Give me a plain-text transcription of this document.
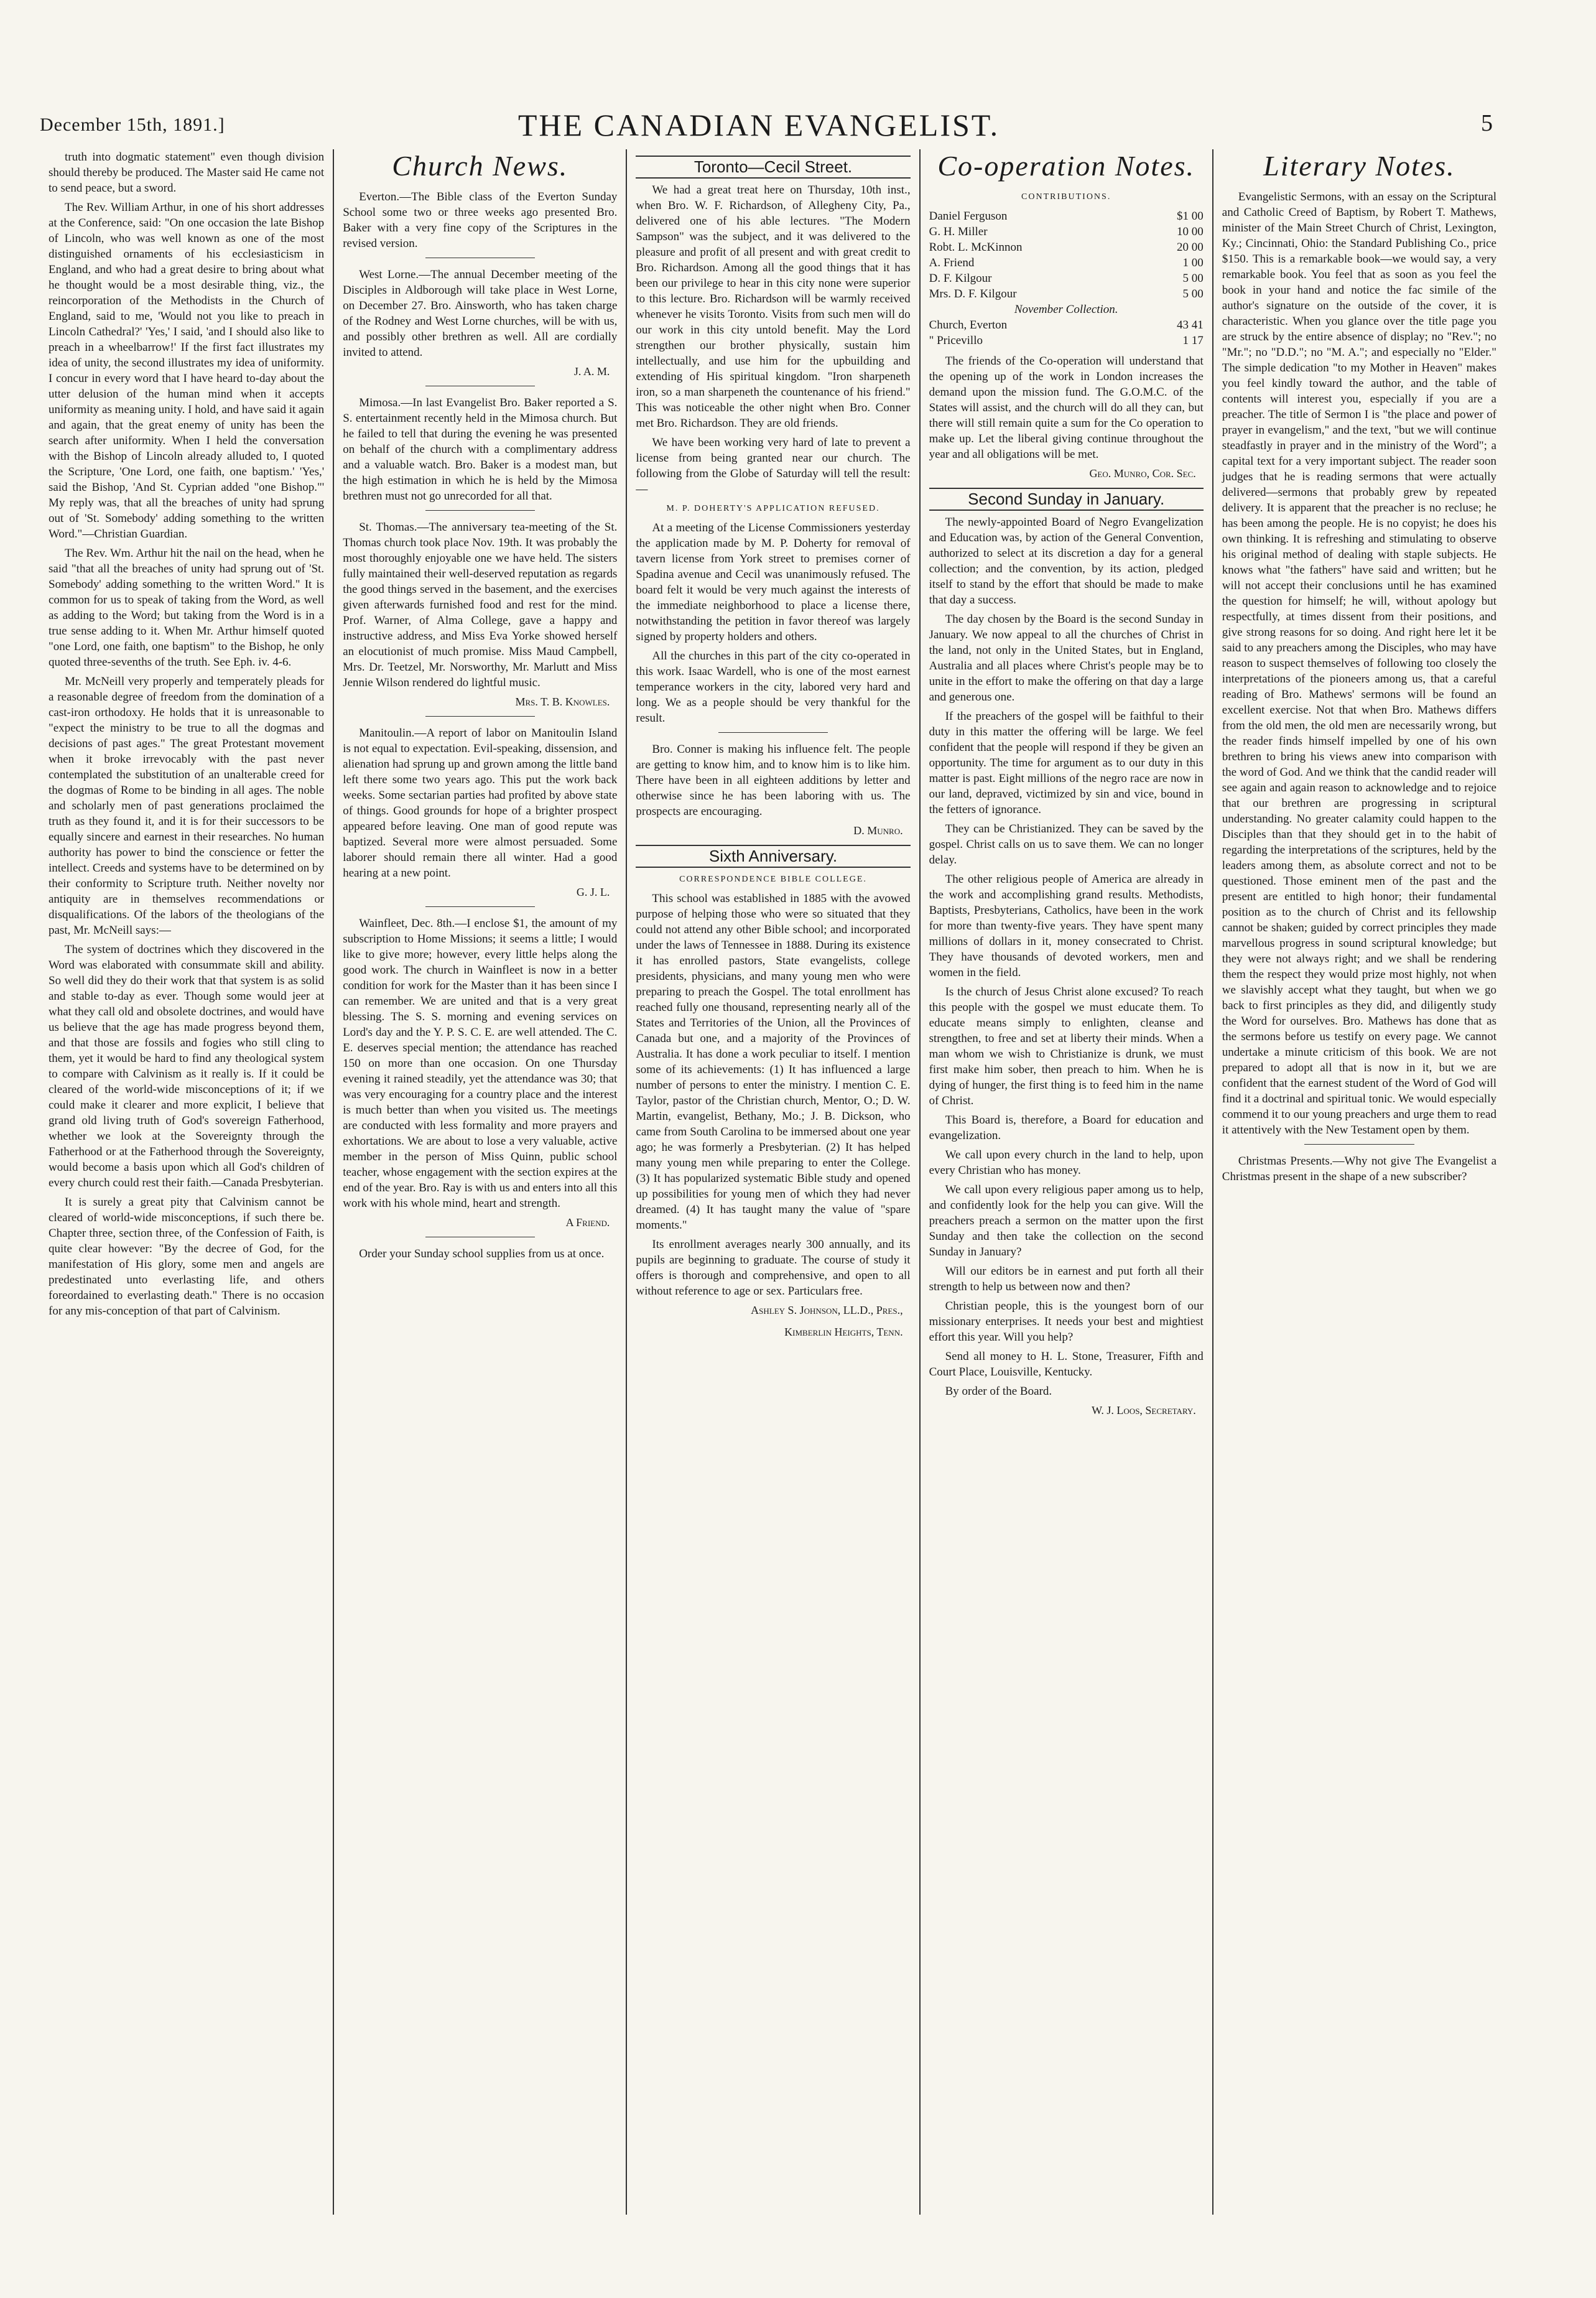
December 15th, 1891.]	THE CANADIAN EVANGELIST.	5

truth into dogmatic statement" even though division should thereby be produced. The Master said He came not to send peace, but a sword.

The Rev. William Arthur, in one of his short addresses at the Conference, said: "On one occasion the late Bishop of Lincoln, who was well known as one of the most distinguished ornaments of his ecclesiasticism in England, and who had a great desire to bring about what he thought would be a most desirable thing, viz., the reincorporation of the Methodists in the Church of England, said to me, 'Would not you like to preach in Lincoln Cathedral?' 'Yes,' I said, 'and I should also like to preach in a wheelbarrow!' If the first fact illustrates my idea of unity, the second illustrates my idea of uniformity. I concur in every word that I have heard to-day about the utter delusion of the human mind when it accepts uniformity as meaning unity. I hold, and have said it again and again, that the great enemy of unity has been the search after uniformity. When I held the conversation with the Bishop of Lincoln already alluded to, I quoted the Scripture, 'One Lord, one faith, one baptism.' 'Yes,' said the Bishop, 'And St. Cyprian added "one Bishop."' My reply was, that all the breaches of unity had sprung out of 'St. Somebody' adding something to the written Word."—Christian Guardian.

The Rev. Wm. Arthur hit the nail on the head, when he said "that all the breaches of unity had sprung out of 'St. Somebody' adding something to the written Word." It is common for us to speak of taking from the Word, as well as adding to the Word; but taking from the Word is in a true sense adding to it. When Mr. Arthur himself quoted "one Lord, one faith, one baptism" to the Bishop, he only quoted three-sevenths of the truth. See Eph. iv. 4-6.

Mr. McNeill very properly and temperately pleads for a reasonable degree of freedom from the domination of a cast-iron orthodoxy. He holds that it is unreasonable to "expect the ministry to be true to all the dogmas and decisions of past ages." The great Protestant movement when it broke irrevocably with the past never contemplated the substitution of an unalterable creed for the dogmas of Rome to be binding in all ages. The noble and scholarly men of past generations proclaimed the truth as they found it, and it is for their successors to be equally sincere and earnest in their researches. No human authority has power to bind the conscience or fetter the intellect. Creeds and systems have to be determined on by their conformity to Scripture truth. Neither novelty nor antiquity are in themselves recommendations or disqualifications. Of the labors of the theologians of the past, Mr. McNeill says:—

The system of doctrines which they discovered in the Word was elaborated with consummate skill and ability. So well did they do their work that that system is as solid and stable to-day as ever. Though some would jeer at what they call old and obsolete doctrines, and would have us believe that the age has made progress beyond them, and that those are fossils and fogies who still cling to them, yet it would be hard to find any theological system to compare with Calvinism as it really is. If it could be cleared of the world-wide misconceptions of it; if we could make it clearer and more explicit, I believe that grand old living truth of God's sovereign Fatherhood, whether we look at the Sovereignty through the Fatherhood or at the Fatherhood through the Sovereignty, would become a basis upon which all God's children of every church could rest their faith.—Canada Presbyterian.

It is surely a great pity that Calvinism cannot be cleared of world-wide misconceptions, if such there be. Chapter three, section three, of the Confession of Faith, is quite clear however: "By the decree of God, for the manifestation of His glory, some men and angels are predestinated unto everlasting life, and others foreordained to everlasting death." There is no occasion for any mis-conception of that part of Calvinism.

Church News.

Everton.—The Bible class of the Everton Sunday School some two or three weeks ago presented Bro. Baker with a very fine copy of the Scriptures in the revised version.

West Lorne.—The annual December meeting of the Disciples in Aldborough will take place in West Lorne, on December 27. Bro. Ainsworth, who has taken charge of the Rodney and West Lorne churches, will be with us, and possibly other brethren as well. All are cordially invited to attend.

J. A. M.

Mimosa.—In last Evangelist Bro. Baker reported a S. S. entertainment recently held in the Mimosa church. But he failed to tell that during the evening he was presented on behalf of the church with a complimentary address and a valuable watch. Bro. Baker is a modest man, but the high estimation in which he is held by the Mimosa brethren must not go unrecorded for all that.

St. Thomas.—The anniversary tea-meeting of the St. Thomas church took place Nov. 19th. It was probably the most thoroughly enjoyable one we have held. The sisters fully maintained their well-deserved reputation as regards the good things served in the basement, and the exercises given afterwards furnished food and rest for the mind. Prof. Warner, of Alma College, gave a happy and instructive address, and Miss Eva Yorke showed herself an elocutionist of much promise. Miss Maud Campbell, Mrs. Dr. Teetzel, Mr. Norsworthy, Mr. Marlutt and Miss Jennie Wilson rendered do lightful music.

Mrs. T. B. Knowles.

Manitoulin.—A report of labor on Manitoulin Island is not equal to expectation. Evil-speaking, dissension, and alienation had sprung up and grown among the little band left there some two years ago. This put the work back weeks. Some sectarian parties had profited by above state of things. Good grounds for hope of a brighter prospect appeared before leaving. One man of good repute was baptized. Several more were almost persuaded. Some laborer should remain there all winter. Had a good hearing at a new point.

G. J. L.

Wainfleet, Dec. 8th.—I enclose $1, the amount of my subscription to Home Missions; it seems a little; I would like to give more; however, every little helps along the good work. The church in Wainfleet is now in a better condition for work for the Master than it has been since I can remember. We are united and that is a very great blessing. The S. S. morning and evening services on Lord's day and the Y. P. S. C. E. are well attended. The C. E. deserves special mention; the attendance has reached 150 on more than one occasion. On one Thursday evening it rained steadily, yet the attendance was 30; that was very encouraging for a country place and the interest is much better than when you visited us. The meetings are conducted with less formality and more prayers and exhortations. We are about to lose a very valuable, active member in the person of Miss Quinn, public school teacher, whose engagement with the section expires at the end of the year. Bro. Ray is with us and enters into all this work with his whole mind, heart and strength.

A Friend.

Order your Sunday school supplies from us at once.

Toronto—Cecil Street.

We had a great treat here on Thursday, 10th inst., when Bro. W. F. Richardson, of Allegheny City, Pa., delivered one of his able lectures. "The Modern Sampson" was the subject, and it was delivered to the pleasure and profit of all present and with great credit to Bro. Richardson. Among all the good things that it has been our privilege to hear in this city none were superior to this lecture. Bro. Richardson will be warmly received whenever he visits Toronto. Visits from such men will do our work in this city untold benefit. May the Lord strengthen our brother physically, sustain him intellectually, and use him for the upbuilding and extending of His spiritual kingdom. "Iron sharpeneth iron, so a man sharpeneth the countenance of his friend." This was noticeable the other night when Bro. Conner met Bro. Richardson. They are old friends.

We have been working very hard of late to prevent a license from being granted near our church. The following from the Globe of Saturday will tell the result:—

M. P. DOHERTY'S APPLICATION REFUSED.

At a meeting of the License Commissioners yesterday the application made by M. P. Doherty for removal of tavern license from York street to premises corner of Spadina avenue and Cecil was unanimously refused. The board felt it would be very much against the interests of the immediate neighborhood to place a license there, notwithstanding the petition in favor thereof was largely signed by property holders and others.

All the churches in this part of the city co-operated in this work. Isaac Wardell, who is one of the most earnest temperance workers in the city, labored very hard and long. We as a people should be very thankful for the result.

Bro. Conner is making his influence felt. The people are getting to know him, and to know him is to like him. There have been in all eighteen additions by letter and otherwise since he has been laboring with us. The prospects are encouraging.

D. Munro.
Sixth Anniversary.
CORRESPONDENCE BIBLE COLLEGE.

This school was established in 1885 with the avowed purpose of helping those who were so situated that they could not attend any other Bible school; and incorporated under the laws of Tennessee in 1888. During its existence it has enrolled pastors, State evangelists, college presidents, physicians, and many young men who were preparing to preach the Gospel. The total enrollment has reached fully one thousand, representing nearly all of the States and Territories of the Union, all the Provinces of Canada but one, and a majority of the Provinces of Australia. It has done a work peculiar to itself. I mention some of its achievements: (1) It has influenced a large number of persons to enter the ministry. I mention C. E. Taylor, pastor of the Christian church, Mentor, O.; D. W. Martin, evangelist, Bethany, Mo.; J. B. Dickson, who came from South Carolina to be immersed about one year ago; he was formerly a Presbyterian. (2) It has helped many young men while preparing to enter the College. (3) It has popularized systematic Bible study and opened up possibilities for young men of which they had never dreamed. (4) It has taught many the value of "spare moments."

Its enrollment averages nearly 300 annually, and its pupils are beginning to graduate. The course of study it offers is thorough and comprehensive, and open to all without reference to age or sex. Particulars free.

Ashley S. Johnson, LL.D., Pres.,
Kimberlin Heights, Tenn.
Co-operation Notes.
CONTRIBUTIONS.
Daniel Ferguson	$1 00
G. H. Miller	10 00
Robt. L. McKinnon	20 00
A. Friend	1 00
D. F. Kilgour	5 00
Mrs. D. F. Kilgour	5 00
November Collection.	
Church, Everton	43 41
" Pricevillo	1 17

The friends of the Co-operation will understand that the opening up of the work in London increases the demand upon the mission fund. The G.O.M.C. of the States will assist, and the church will do all they can, but there will still remain quite a sum for the Co operation to make up. Let the liberal giving continue throughout the year and all obligations will be met.

Geo. Munro, Cor. Sec.
Second Sunday in January.

The newly-appointed Board of Negro Evangelization and Education was, by action of the General Convention, authorized to select at its discretion a day for a general collection; and the convention, by its action, pledged itself to stand by the effort that should be made to make that day a success.

The day chosen by the Board is the second Sunday in January. We now appeal to all the churches of Christ in the land, not only in the United States, but in England, Australia and all places where Christ's people may be to unite in the effort to make the offering on that day a large and generous one.

If the preachers of the gospel will be faithful to their duty in this matter the offering will be large. We feel confident that the people will respond if they be given an opportunity. The time for argument as to our duty in this matter is past. Eight millions of the negro race are now in our land, depraved, victimized by sin and vice, bound in the fetters of ignorance.

They can be Christianized. They can be saved by the gospel. Christ calls on us to save them. We can no longer delay.

The other religious people of America are already in the work and accomplishing grand results. Methodists, Baptists, Presbyterians, Catholics, have been in the work for more than twenty-five years. They have spent many millions of dollars in it, money consecrated to Christ. They have thousands of devoted workers, men and women in the field.

Is the church of Jesus Christ alone excused? To reach this people with the gospel we must educate them. To educate means simply to enlighten, cleanse and strengthen, to free and set at liberty their minds. When a man whom we wish to Christianize is drunk, we must first make him sober, then preach to him. When he is dying of hunger, the first thing is to feed him in the name of Christ.

This Board is, therefore, a Board for education and evangelization.

We call upon every church in the land to help, upon every Christian who has money.

We call upon every religious paper among us to help, and confidently look for the help you can give. Will the preachers preach a sermon on the matter upon the first Sunday and then take the collection on the second Sunday in January?

Will our editors be in earnest and put forth all their strength to help us between now and then?

Christian people, this is the youngest born of our missionary enterprises. It needs your best and mightiest effort this year. Will you help?

Send all money to H. L. Stone, Treasurer, Fifth and Court Place, Louisville, Kentucky.

By order of the Board.

W. J. Loos, Secretary.
Literary Notes.

Evangelistic Sermons, with an essay on the Scriptural and Catholic Creed of Baptism, by Robert T. Mathews, minister of the Main Street Church of Christ, Lexington, Ky.; Cincinnati, Ohio: the Standard Publishing Co., price $150. This is a remarkable book—we would say, a very remarkable book. You feel that as soon as you feel the book in your hand and notice the fac simile of the author's signature on the outside of the cover, it is characteristic. When you glance over the title page you are struck by the entire absence of display; no "Rev."; no "Mr."; no "D.D."; no "M. A."; and especially no "Elder." The simple dedication "to my Mother in Heaven" makes you feel kindly toward the author, and the table of contents will interest you, especially if you are a preacher. The title of Sermon I is "the place and power of prayer in evangelism," and the text, "but we will continue steadfastly in prayer and in the ministry of the Word"; a capital text for a very important subject. The reader soon judges that he is reading sermons that were actually delivered—sermons that probably grew by repeated delivery. It is apparent that the preacher is no recluse; he has been among the people. He is no copyist; he does his own thinking. It is refreshing and stimulating to observe his original method of dealing with staple subjects. He knows what "the fathers" have said and written; but he will not accept their conclusions until he has examined the question for himself; he will, without apology but respectfully, at times dissent from their positions, and give strong reasons for so doing. And right here let it be said to any preachers among the Disciples, who may have reason to suspect themselves of following too closely the interpretations of the pioneers among us, that a careful reading of Bro. Mathews' sermons will be found an excellent exercise. Not that when Bro. Mathews differs from the old men, the old men are necessarily wrong, but the reader finds himself impelled by one of his own brethren to bring his views anew into comparison with the word of God. And we think that the candid reader will see again and again reason to acknowledge and to rejoice that our brethren are progressing in scriptural understanding. No greater calamity could happen to the Disciples than that they should get in to the habit of regarding the interpretations of the scriptures, held by the leaders among them, as absolute correct and not to be questioned. Those eminent men of the past and the present are entitled to high honor; their fundamental position as to the church of Christ and its fellowship cannot be shaken; guided by correct principles they made marvellous progress in sound scriptural knowledge; but they were not always right; and we shall be rendering them the respect they would prize most highly, not when we slavishly accept what they taught, but when we go back to first principles as they did, and diligently study the Word for ourselves. Bro. Mathews has done that as the sermons before us testify on every page. We cannot undertake a minute criticism of this book. We are not prepared to adopt all that is now in it, but we are confident that the earnest student of the Word of God will find it a doctrinal and spiritual tonic. We would especially commend it to our young preachers and urge them to read it attentively with the New Testament open by them.

Christmas Presents.—Why not give The Evangelist a Christmas present in the shape of a new subscriber?
